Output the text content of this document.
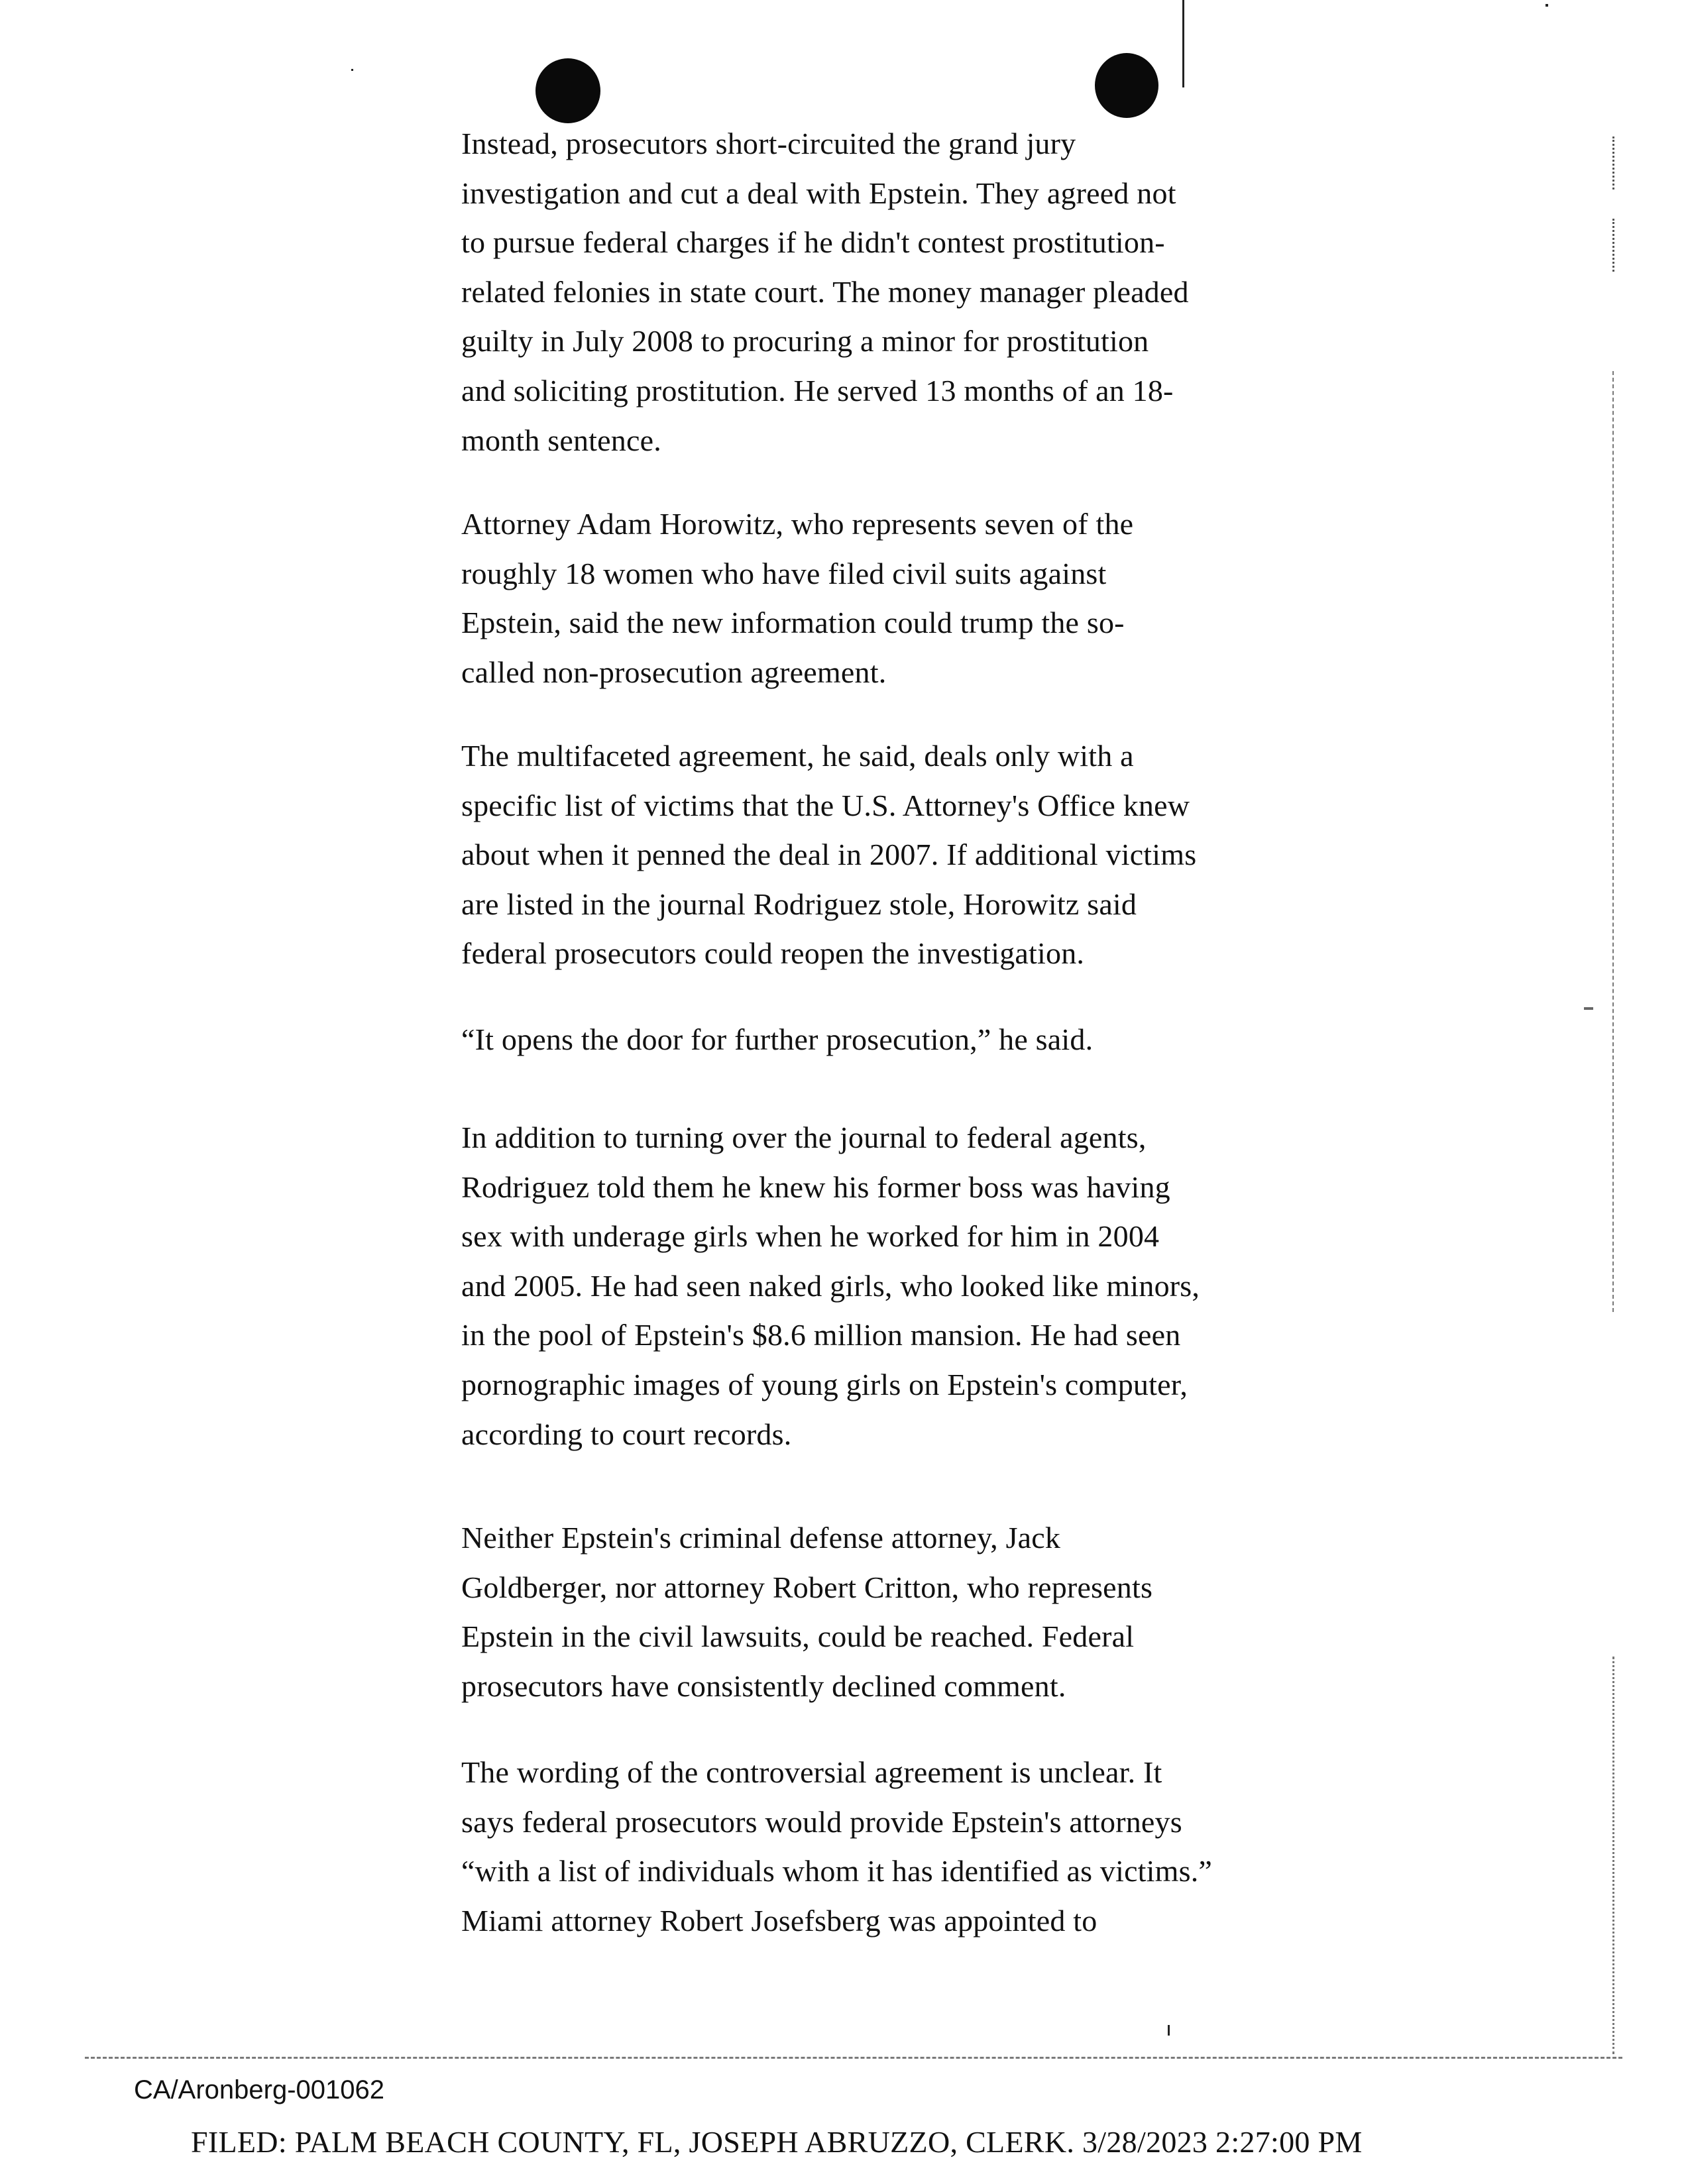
Instead, prosecutors short-circuited the grand jury
investigation and cut a deal with Epstein. They agreed not
to pursue federal charges if he didn't contest prostitution-
related felonies in state court. The money manager pleaded
guilty in July 2008 to procuring a minor for prostitution
and soliciting prostitution. He served 13 months of an 18-
month sentence.

Attorney Adam Horowitz, who represents seven of the
roughly 18 women who have filed civil suits against
Epstein, said the new information could trump the so-
called non-prosecution agreement.

The multifaceted agreement, he said, deals only with a
specific list of victims that the U.S. Attorney's Office knew
about when it penned the deal in 2007. If additional victims
are listed in the journal Rodriguez stole, Horowitz said
federal prosecutors could reopen the investigation.

“It opens the door for further prosecution,” he said.

In addition to turning over the journal to federal agents,
Rodriguez told them he knew his former boss was having
sex with underage girls when he worked for him in 2004
and 2005. He had seen naked girls, who looked like minors,
in the pool of Epstein's $8.6 million mansion. He had seen
pornographic images of young girls on Epstein's computer,
according to court records.

Neither Epstein's criminal defense attorney, Jack
Goldberger, nor attorney Robert Critton, who represents
Epstein in the civil lawsuits, could be reached. Federal
prosecutors have consistently declined comment.

The wording of the controversial agreement is unclear. It
says federal prosecutors would provide Epstein's attorneys
“with a list of individuals whom it has identified as victims.”
Miami attorney Robert Josefsberg was appointed to

CA/Aronberg-001062
FILED: PALM BEACH COUNTY, FL, JOSEPH ABRUZZO, CLERK. 3/28/2023 2:27:00 PM
